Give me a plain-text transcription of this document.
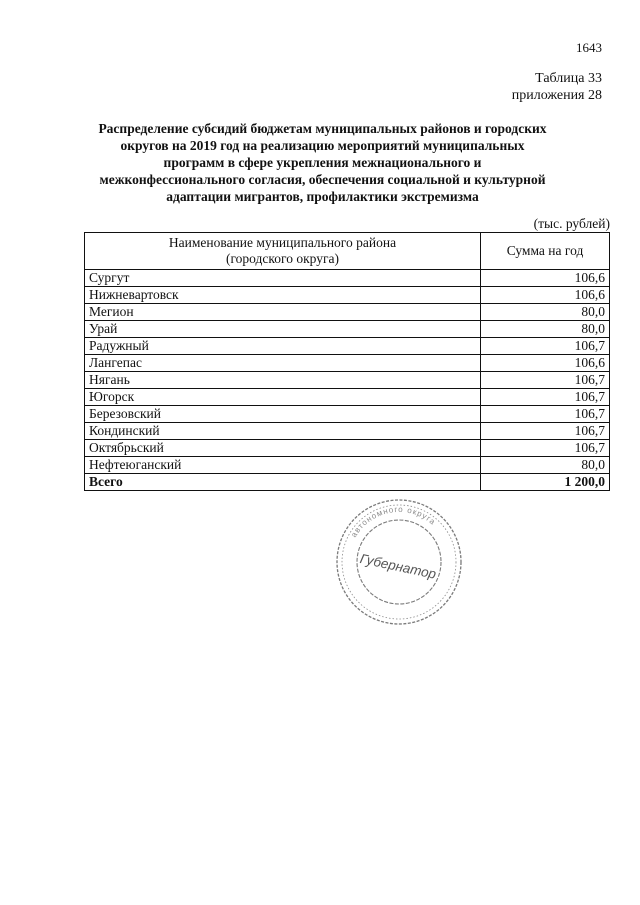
1643
Таблица 33
приложения 28
Распределение субсидий бюджетам муниципальных районов и городских округов на 2019 год на реализацию мероприятий муниципальных программ в сфере укрепления межнационального и межконфессионального согласия, обеспечения социальной и культурной адаптации мигрантов, профилактики экстремизма
(тыс. рублей)
Наименование муниципального района
(городского округа)	Сумма на год
Сургут	106,6
Нижневартовск	106,6
Мегион	80,0
Урай	80,0
Радужный	106,7
Лангепас	106,6
Нягань	106,7
Югорск	106,7
Березовский	106,7
Кондинский	106,7
Октябрьский	106,7
Нефтеюганский	80,0
Всего	1 200,0
автономного округа
Губернатор
